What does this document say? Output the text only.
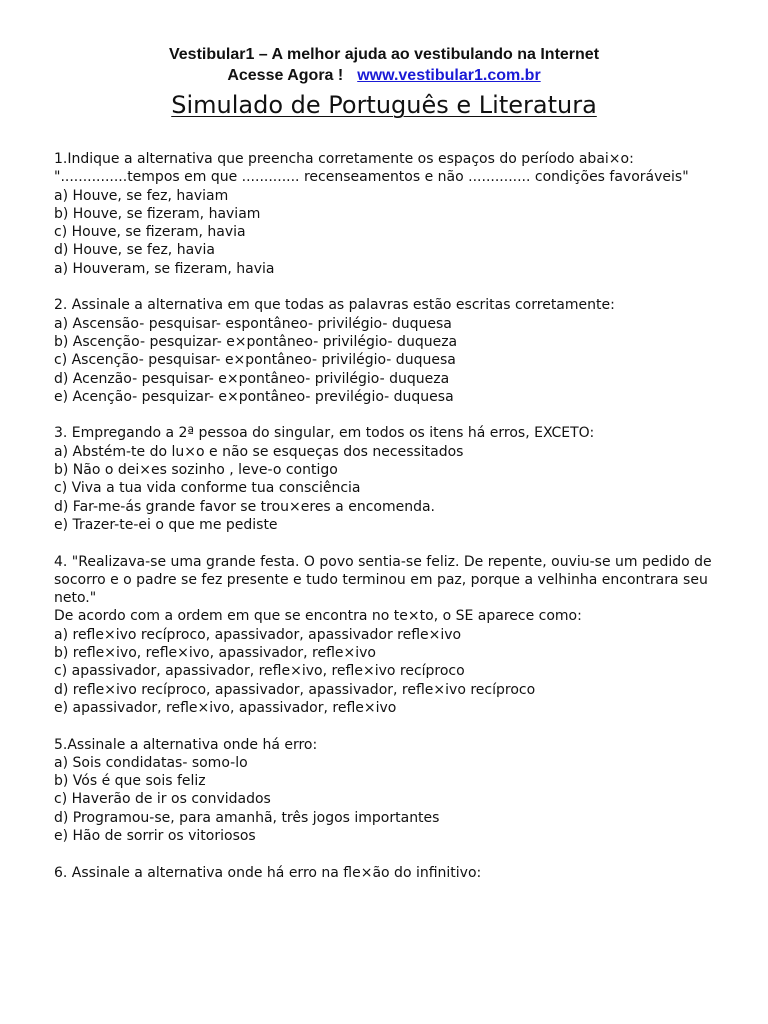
Vestibular1 – A melhor ajuda ao vestibulando na Internet
Acesse Agora ! www.vestibular1.com.br
Simulado de Português e Literatura

1.Indique a alternativa que preencha corretamente os espaços do período abai×o: "...............tempos em que ............. recenseamentos e não .............. condições favoráveis"

a) Houve, se fez, haviam
b) Houve, se fizeram, haviam
c) Houve, se fizeram, havia
d) Houve, se fez, havia
a) Houveram, se fizeram, havia

2. Assinale a alternativa em que todas as palavras estão escritas corretamente:

a) Ascensão- pesquisar- espontâneo- privilégio- duquesa
b) Ascenção- pesquizar- e×pontâneo- privilégio- duqueza
c) Ascenção- pesquisar- e×pontâneo- privilégio- duquesa
d) Acenzão- pesquisar- e×pontâneo- privilégio- duqueza
e) Acenção- pesquizar- e×pontâneo- previlégio- duquesa

3. Empregando a 2ª pessoa do singular, em todos os itens há erros, EXCETO:

a) Abstém-te do lu×o e não se esqueças dos necessitados
b) Não o dei×es sozinho , leve-o contigo
c) Viva a tua vida conforme tua consciência
d) Far-me-ás grande favor se trou×eres a encomenda.
e) Trazer-te-ei o que me pediste

4. "Realizava-se uma grande festa. O povo sentia-se feliz. De repente, ouviu-se um pedido de socorro e o padre se fez presente e tudo terminou em paz, porque a velhinha encontrara seu neto."

De acordo com a ordem em que se encontra no te×to, o SE aparece como:

a) refle×ivo recíproco, apassivador, apassivador refle×ivo
b) refle×ivo, refle×ivo, apassivador, refle×ivo
c) apassivador, apassivador, refle×ivo, refle×ivo recíproco
d) refle×ivo recíproco, apassivador, apassivador, refle×ivo recíproco
e) apassivador, refle×ivo, apassivador, refle×ivo

5.Assinale a alternativa onde há erro:

a) Sois condidatas- somo-lo
b) Vós é que sois feliz
c) Haverão de ir os convidados
d) Programou-se, para amanhã, três jogos importantes
e) Hão de sorrir os vitoriosos

6. Assinale a alternativa onde há erro na fle×ão do infinitivo:
